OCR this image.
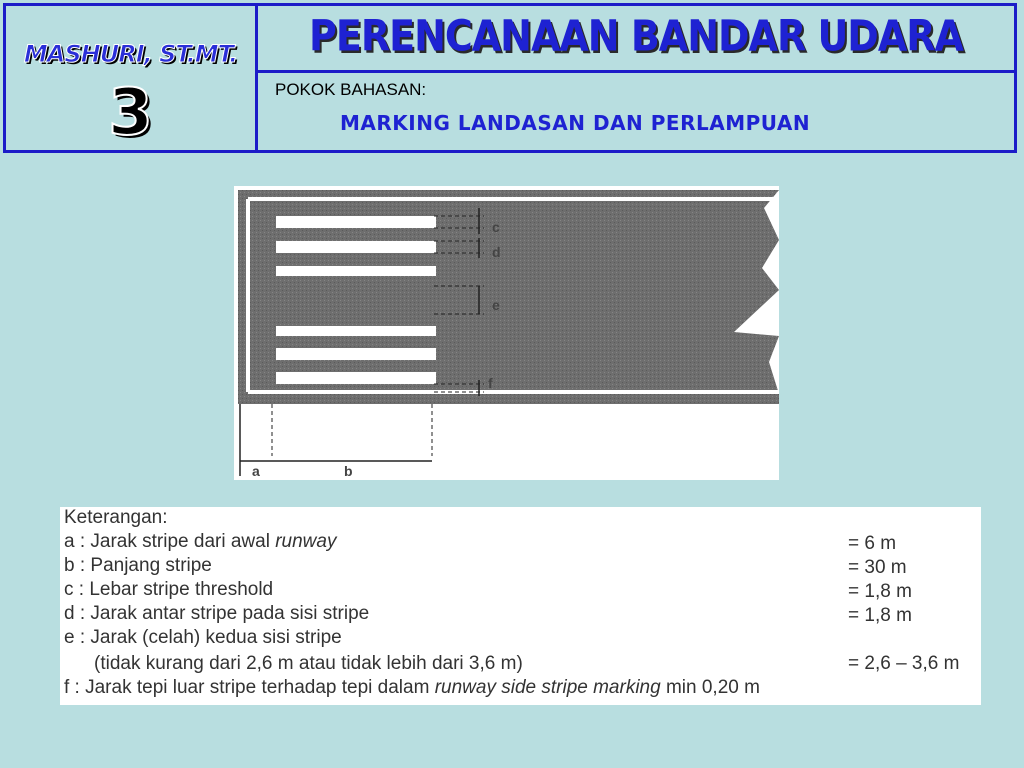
MASHURI, ST.MT.
3
PERENCANAAN BANDAR UDARA
POKOK BAHASAN:
MARKING LANDASAN DAN PERLAMPUAN
c
d
e
f
a	b
Keterangan:
a : Jarak stripe dari awal runway	= 6 m
b : Panjang stripe	= 30 m
c : Lebar stripe threshold	= 1,8 m
d : Jarak antar stripe pada sisi stripe	= 1,8 m
e : Jarak (celah) kedua sisi stripe
(tidak kurang dari 2,6 m atau tidak lebih dari 3,6 m)	= 2,6 – 3,6 m
f : Jarak tepi luar stripe terhadap tepi dalam runway side stripe marking min 0,20 m
